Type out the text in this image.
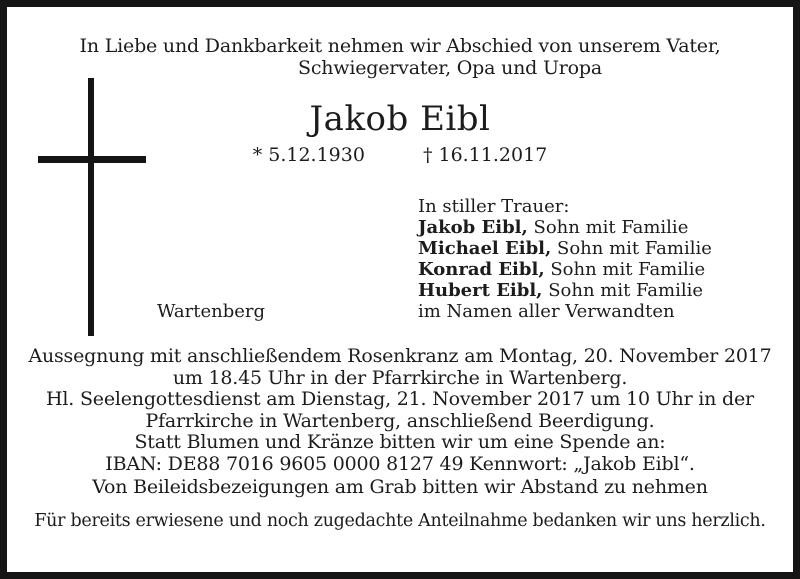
In Liebe und Dankbarkeit nehmen wir Abschied von unserem Vater,
Schwiegervater, Opa und Uropa
Jakob Eibl
* 5.12.1930	† 16.11.2017
In stiller Trauer:
Jakob Eibl, Sohn mit Familie
Michael Eibl, Sohn mit Familie
Konrad Eibl, Sohn mit Familie
Hubert Eibl, Sohn mit Familie
im Namen aller Verwandten
Wartenberg
Aussegnung mit anschließendem Rosenkranz am Montag, 20. November 2017
um 18.45 Uhr in der Pfarrkirche in Wartenberg.
Hl. Seelengottesdienst am Dienstag, 21. November 2017 um 10 Uhr in der
Pfarrkirche in Wartenberg, anschließend Beerdigung.
Statt Blumen und Kränze bitten wir um eine Spende an:
IBAN: DE88 7016 9605 0000 8127 49 Kennwort: „Jakob Eibl“.
Von Beileidsbezeigungen am Grab bitten wir Abstand zu nehmen
Für bereits erwiesene und noch zugedachte Anteilnahme bedanken wir uns herzlich.
